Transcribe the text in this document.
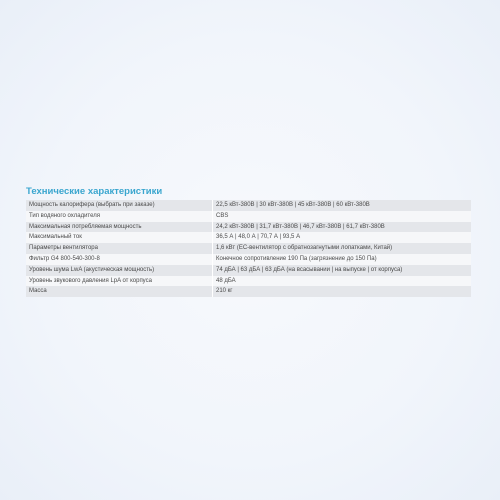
Технические характеристики
Мощность калорифера (выбрать при заказе)	22,5 кВт-380В | 30 кВт-380В | 45 кВт-380В | 60 кВт-380В
Тип водяного охладителя	CBS
Максимальная потребляемая мощность	24,2 кВт-380В | 31,7 кВт-380В | 46,7 кВт-380В | 61,7 кВт-380В
Максимальный ток	36,5 А | 48,0 А | 70,7 А | 93,5 А
Параметры вентилятора	1,6 кВт (ЕС-вентилятор с обратнозагнутыми лопатками, Китай)
Фильтр G4 800-540-300-8	Конечное сопротивление 190 Па (загрязнение до 150 Па)
Уровень шума LwA (акустическая мощность)	74 дБА | 63 дБА | 63 дБА (на всасывании | на выпуске | от корпуса)
Уровень звукового давления LpA от корпуса	48 дБА
Масса	210 кг
